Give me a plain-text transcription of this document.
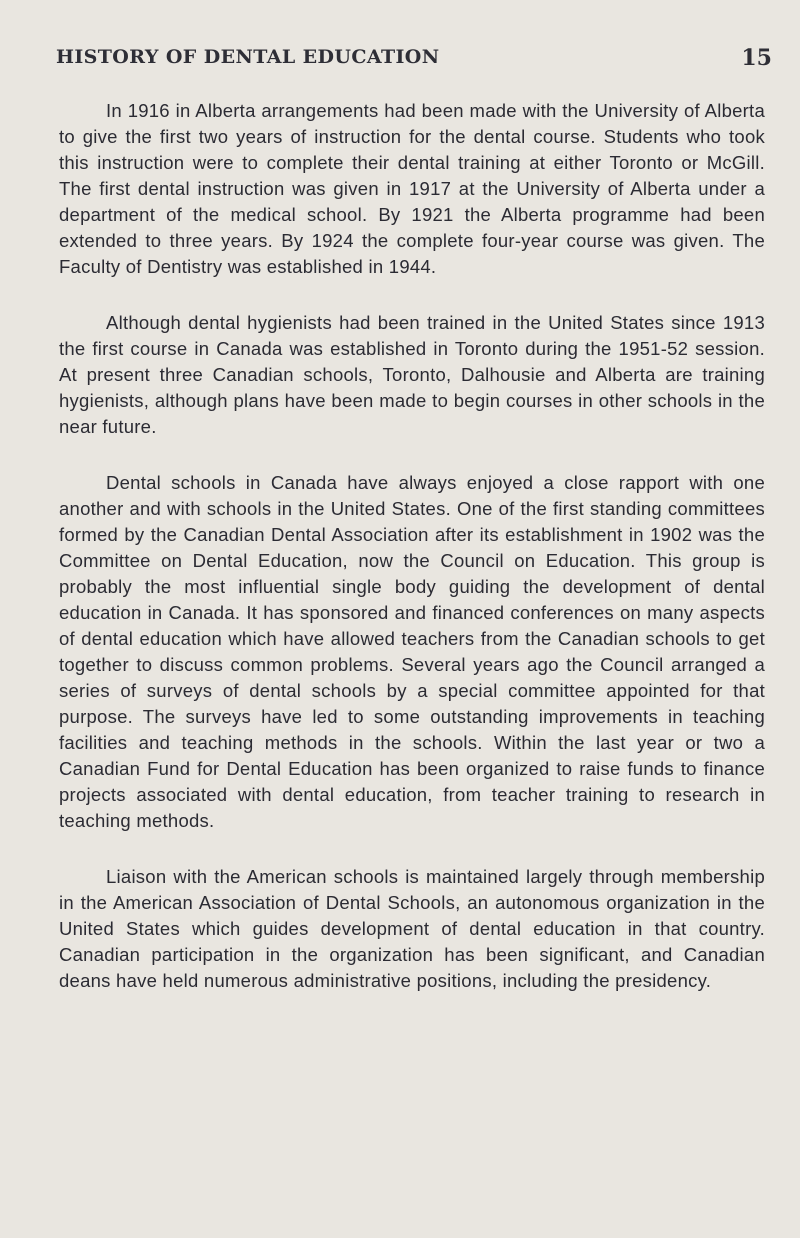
HISTORY OF DENTAL EDUCATION	15

In 1916 in Alberta arrangements had been made with the University of Alberta to give the first two years of instruction for the dental course. Students who took this instruction were to complete their dental training at either Toronto or McGill. The first dental instruction was given in 1917 at the University of Alberta under a department of the medical school. By 1921 the Alberta programme had been extended to three years. By 1924 the complete four-year course was given. The Faculty of Dentistry was established in 1944.

Although dental hygienists had been trained in the United States since 1913 the first course in Canada was established in Toronto during the 1951-52 session. At present three Canadian schools, Toronto, Dalhousie and Alberta are training hygienists, although plans have been made to begin courses in other schools in the near future.

Dental schools in Canada have always enjoyed a close rapport with one another and with schools in the United States. One of the first standing committees formed by the Canadian Dental Association after its establishment in 1902 was the Committee on Dental Education, now the Council on Education. This group is probably the most influential single body guiding the development of dental education in Canada. It has sponsored and financed conferences on many aspects of dental education which have allowed teachers from the Canadian schools to get together to discuss common problems. Several years ago the Council arranged a series of surveys of dental schools by a special committee appointed for that purpose. The surveys have led to some outstanding improvements in teaching facilities and teaching methods in the schools. Within the last year or two a Canadian Fund for Dental Education has been organized to raise funds to finance projects associated with dental education, from teacher training to research in teaching methods.

Liaison with the American schools is maintained largely through membership in the American Association of Dental Schools, an autonomous organization in the United States which guides development of dental education in that country. Canadian participation in the organization has been significant, and Canadian deans have held numerous administrative positions, including the presidency.
